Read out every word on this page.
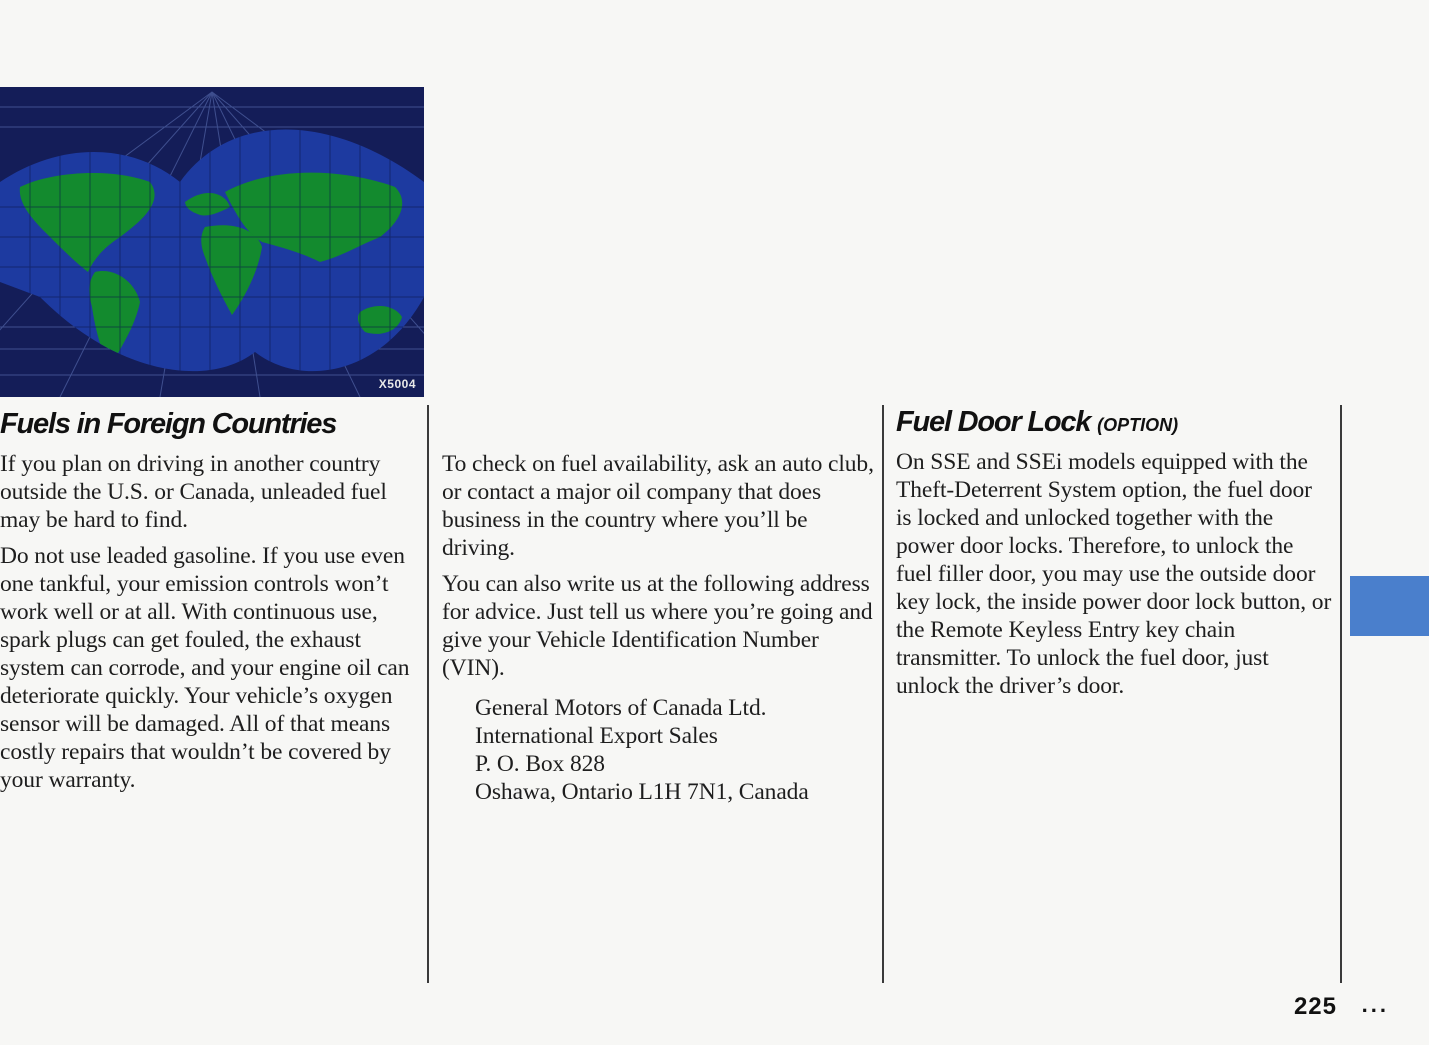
X5004
Fuels in Foreign Countries

If you plan on driving in another country outside the U.S. or Canada, unleaded fuel may be hard to find.

Do not use leaded gasoline. If you use even one tankful, your emission controls won’t work well or at all. With continuous use, spark plugs can get fouled, the exhaust system can corrode, and your engine oil can deteriorate quickly. Your vehicle’s oxygen sensor will be damaged. All of that means costly repairs that wouldn’t be covered by your warranty.

To check on fuel availability, ask an auto club, or contact a major oil company that does business in the country where you’ll be driving.

You can also write us at the following address for advice. Just tell us where you’re going and give your Vehicle Identification Number (VIN).

General Motors of Canada Ltd.

International Export Sales

P. O. Box 828

Oshawa, Ontario L1H 7N1, Canada

Fuel Door Lock (OPTION)

On SSE and SSEi models equipped with the Theft-Deterrent System option, the fuel door is locked and unlocked together with the power door locks. Therefore, to unlock the fuel filler door, you may use the outside door key lock, the inside power door lock button, or the Remote Keyless Entry key chain transmitter. To unlock the fuel door, just unlock the driver’s door.

225 ...
